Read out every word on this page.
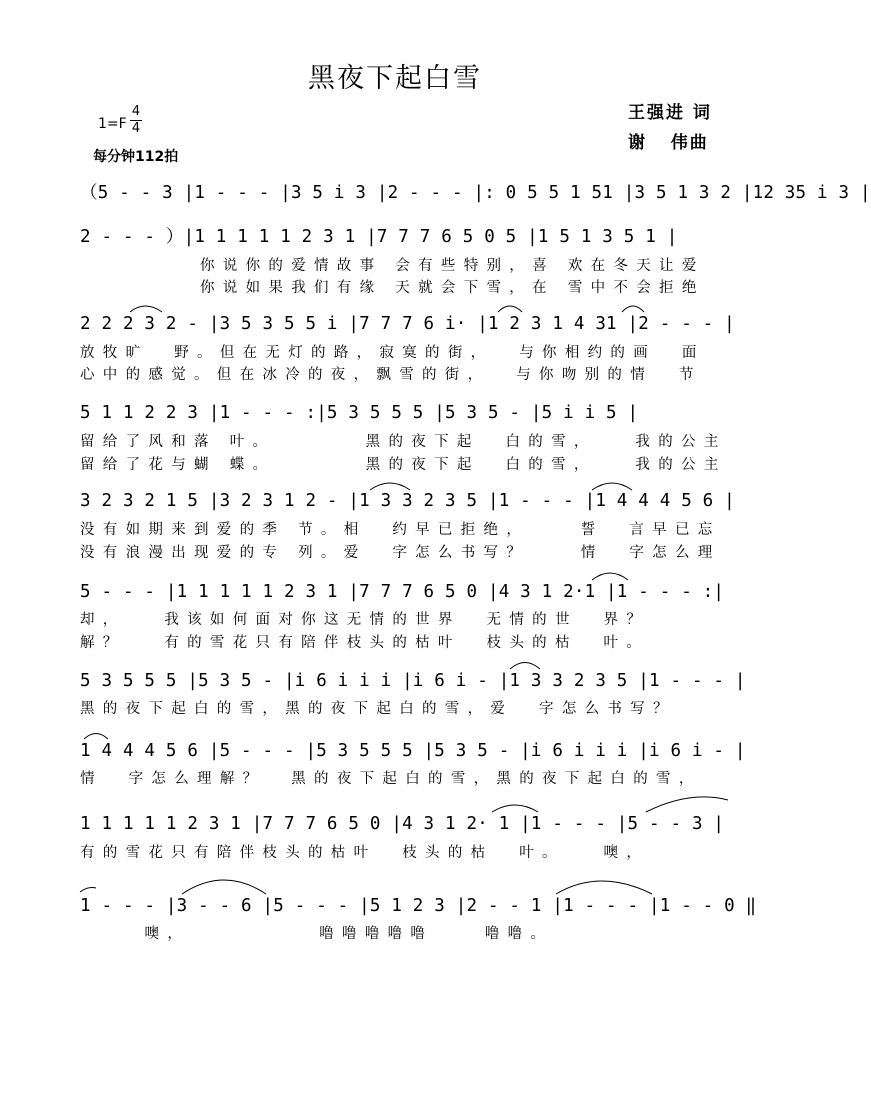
黑夜下起白雪
王强进 词
谢   伟曲
1=F
4
4
每分钟112拍
（5 - - 3 |1 - - - |3 5 i 3 |2 - - - |: 0 5 5 1 51 |3 5 1 3 2 |12 35 i 3 |
2 - - - ）|1 1 1 1 1 2 3 1 |7 7 7 6 5 0 5 |1 5 1 3 5 1 |
你说你的爱情故事 会有些特别，喜 欢在冬天让爱
你说如果我们有缘 天就会下雪，在 雪中不会拒绝
2 2 2 3 2 - |3 5 3 5 5 i |7 7 7 6 i· |1 2 3 1 4 31 |2 - - - |
放牧旷  野。但在无灯的路，寂寞的街，  与你相约的画  面
心中的感觉。但在冰冷的夜，飘雪的街，  与你吻别的情  节
5 1 1 2 2 3 |1 - - - :|5 3 5 5 5 |5 3 5 - |5 i i 5 |
留给了风和落 叶。       黑的夜下起  白的雪，   我的公主
留给了花与蝴 蝶。       黑的夜下起  白的雪，   我的公主
3 2 3 2 1 5 |3 2 3 1 2 - |1 3 3 2 3 5 |1 - - - |1 4 4 4 5 6 |
没有如期来到爱的季 节。相  约早已拒绝，    誓  言早已忘
没有浪漫出现爱的专 列。爱  字怎么书写？    情  字怎么理
5 - - - |1 1 1 1 1 2 3 1 |7 7 7 6 5 0 |4 3 1 2·1 |1 - - - :|
却，   我该如何面对你这无情的世界  无情的世  界？
解？   有的雪花只有陪伴枝头的枯叶  枝头的枯  叶。
5 3 5 5 5 |5 3 5 - |i 6 i i i |i 6 i - |1 3 3 2 3 5 |1 - - - |
黑的夜下起白的雪，黑的夜下起白的雪，爱  字怎么书写？
1 4 4 4 5 6 |5 - - - |5 3 5 5 5 |5 3 5 - |i 6 i i i |i 6 i - |
情  字怎么理解？  黑的夜下起白的雪，黑的夜下起白的雪，
1 1 1 1 1 2 3 1 |7 7 7 6 5 0 |4 3 1 2· 1 |1 - - - |5 - - 3 |
有的雪花只有陪伴枝头的枯叶  枝头的枯  叶。   噢，
1 - - - |3 - - 6 |5 - - - |5 1 2 3 |2 - - 1 |1 - - - |1 - - 0 ‖
噢，          噜噜噜噜噜    噜噜。
